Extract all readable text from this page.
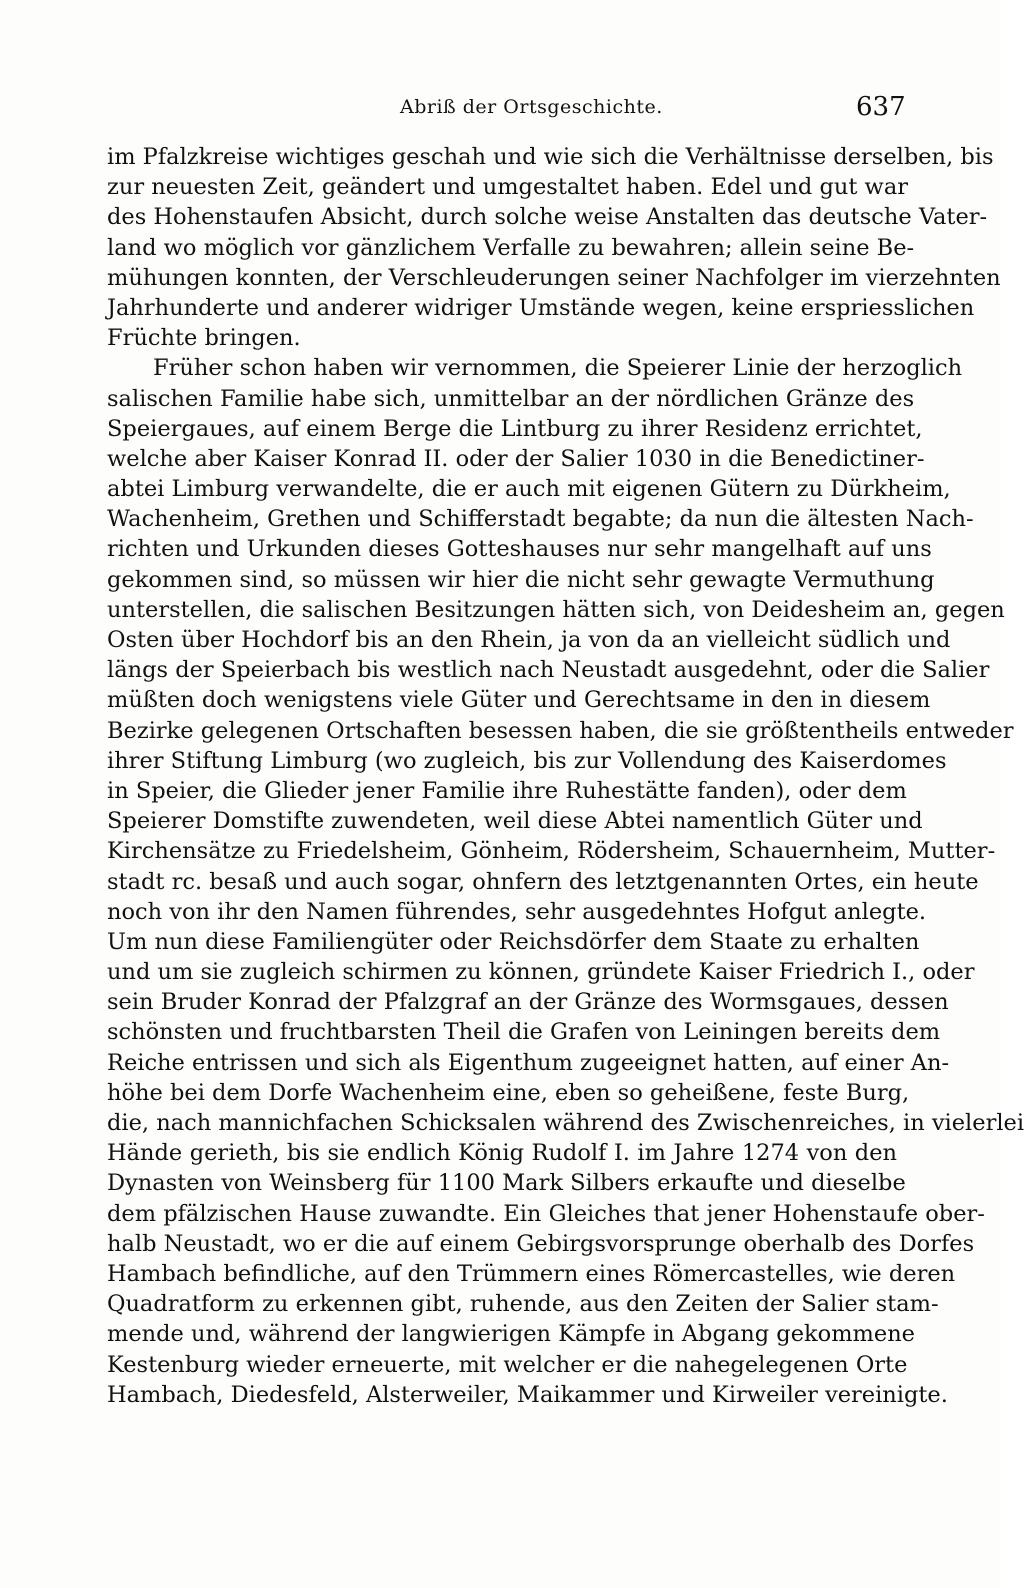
Abriß der Ortsgeschichte.	637
im Pfalzkreise wichtiges geschah und wie sich die Verhältnisse derselben, bis
zur neuesten Zeit, geändert und umgestaltet haben. Edel und gut war
des Hohenstaufen Absicht, durch solche weise Anstalten das deutsche Vater-
land wo möglich vor gänzlichem Verfalle zu bewahren; allein seine Be-
mühungen konnten, der Verschleuderungen seiner Nachfolger im vierzehnten
Jahrhunderte und anderer widriger Umstände wegen, keine erspriesslichen
Früchte bringen.
Früher schon haben wir vernommen, die Speierer Linie der herzoglich
salischen Familie habe sich, unmittelbar an der nördlichen Gränze des
Speiergaues, auf einem Berge die Lintburg zu ihrer Residenz errichtet,
welche aber Kaiser Konrad II. oder der Salier 1030 in die Benedictiner-
abtei Limburg verwandelte, die er auch mit eigenen Gütern zu Dürkheim,
Wachenheim, Grethen und Schifferstadt begabte; da nun die ältesten Nach-
richten und Urkunden dieses Gotteshauses nur sehr mangelhaft auf uns
gekommen sind, so müssen wir hier die nicht sehr gewagte Vermuthung
unterstellen, die salischen Besitzungen hätten sich, von Deidesheim an, gegen
Osten über Hochdorf bis an den Rhein, ja von da an vielleicht südlich und
längs der Speierbach bis westlich nach Neustadt ausgedehnt, oder die Salier
müßten doch wenigstens viele Güter und Gerechtsame in den in diesem
Bezirke gelegenen Ortschaften besessen haben, die sie größtentheils entweder
ihrer Stiftung Limburg (wo zugleich, bis zur Vollendung des Kaiserdomes
in Speier, die Glieder jener Familie ihre Ruhestätte fanden), oder dem
Speierer Domstifte zuwendeten, weil diese Abtei namentlich Güter und
Kirchensätze zu Friedelsheim, Gönheim, Rödersheim, Schauernheim, Mutter-
stadt rc. besaß und auch sogar, ohnfern des letztgenannten Ortes, ein heute
noch von ihr den Namen führendes, sehr ausgedehntes Hofgut anlegte.
Um nun diese Familiengüter oder Reichsdörfer dem Staate zu erhalten
und um sie zugleich schirmen zu können, gründete Kaiser Friedrich I., oder
sein Bruder Konrad der Pfalzgraf an der Gränze des Wormsgaues, dessen
schönsten und fruchtbarsten Theil die Grafen von Leiningen bereits dem
Reiche entrissen und sich als Eigenthum zugeeignet hatten, auf einer An-
höhe bei dem Dorfe Wachenheim eine, eben so geheißene, feste Burg,
die, nach mannichfachen Schicksalen während des Zwischenreiches, in vielerlei
Hände gerieth, bis sie endlich König Rudolf I. im Jahre 1274 von den
Dynasten von Weinsberg für 1100 Mark Silbers erkaufte und dieselbe
dem pfälzischen Hause zuwandte. Ein Gleiches that jener Hohenstaufe ober-
halb Neustadt, wo er die auf einem Gebirgsvorsprunge oberhalb des Dorfes
Hambach befindliche, auf den Trümmern eines Römercastelles, wie deren
Quadratform zu erkennen gibt, ruhende, aus den Zeiten der Salier stam-
mende und, während der langwierigen Kämpfe in Abgang gekommene
Kestenburg wieder erneuerte, mit welcher er die nahegelegenen Orte
Hambach, Diedesfeld, Alsterweiler, Maikammer und Kirweiler vereinigte.
